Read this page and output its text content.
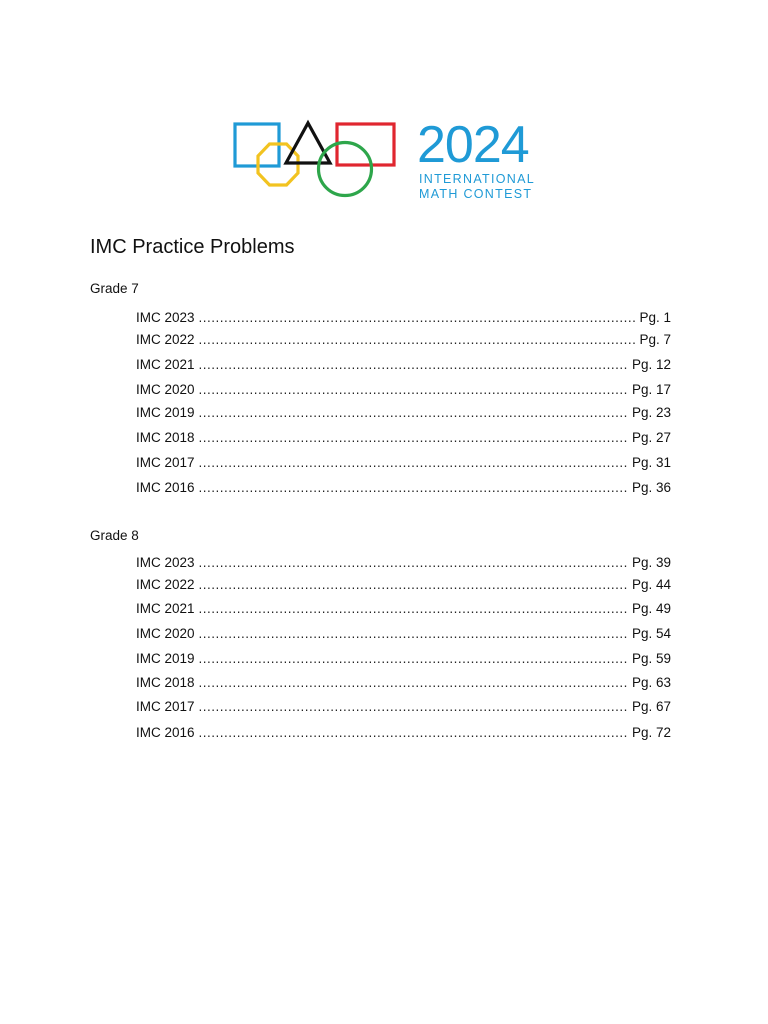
2024
INTERNATIONAL
MATH CONTEST
IMC Practice Problems
Grade 7
IMC 2023 .....	Pg. 1
IMC 2022 .....	Pg. 7
IMC 2021 .....	Pg. 12
IMC 2020 .....	Pg. 17
IMC 2019 .....	Pg. 23
IMC 2018 .....	Pg. 27
IMC 2017 .....	Pg. 31
IMC 2016 .....	Pg. 36
Grade 8
IMC 2023 .....	Pg. 39
IMC 2022 .....	Pg. 44
IMC 2021 .....	Pg. 49
IMC 2020 .....	Pg. 54
IMC 2019 .....	Pg. 59
IMC 2018 .....	Pg. 63
IMC 2017 .....	Pg. 67
IMC 2016 .....	Pg. 72
